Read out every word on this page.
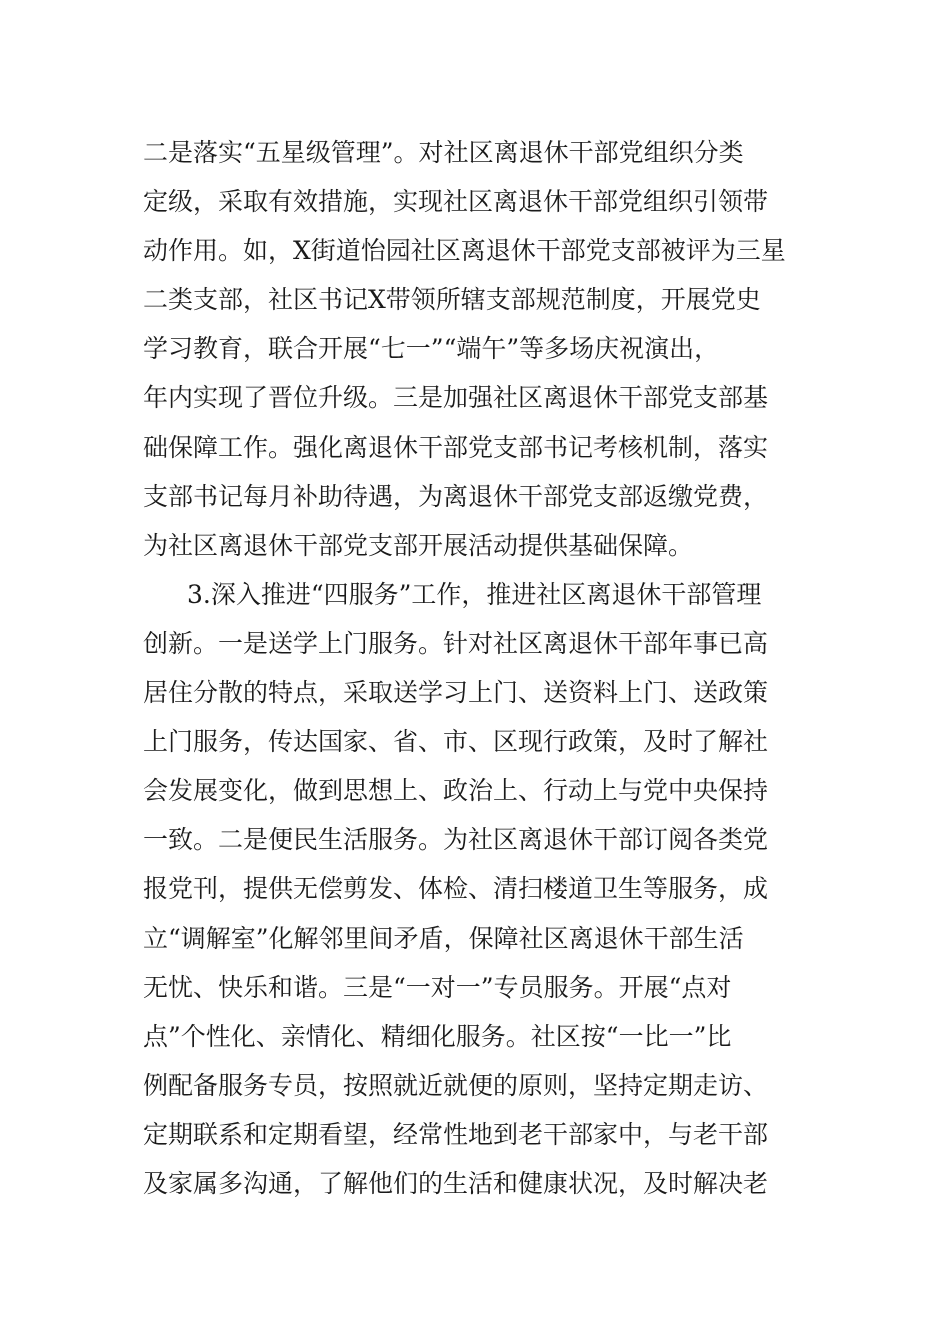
二是落实“五星级管理”。对社区离退休干部党组织分类
定级，采取有效措施，实现社区离退休干部党组织引领带
动作用。如，X街道怡园社区离退休干部党支部被评为三星
二类支部，社区书记X带领所辖支部规范制度，开展党史
学习教育，联合开展“七一”“端午”等多场庆祝演出，
年内实现了晋位升级。三是加强社区离退休干部党支部基
础保障工作。强化离退休干部党支部书记考核机制，落实
支部书记每月补助待遇，为离退休干部党支部返缴党费，
为社区离退休干部党支部开展活动提供基础保障。
3.深入推进“四服务”工作，推进社区离退休干部管理
创新。一是送学上门服务。针对社区离退休干部年事已高
居住分散的特点，采取送学习上门、送资料上门、送政策
上门服务，传达国家、省、市、区现行政策，及时了解社
会发展变化，做到思想上、政治上、行动上与党中央保持
一致。二是便民生活服务。为社区离退休干部订阅各类党
报党刊，提供无偿剪发、体检、清扫楼道卫生等服务，成
立“调解室”化解邻里间矛盾，保障社区离退休干部生活
无忧、快乐和谐。三是“一对一”专员服务。开展“点对
点”个性化、亲情化、精细化服务。社区按“一比一”比
例配备服务专员，按照就近就便的原则，坚持定期走访、
定期联系和定期看望，经常性地到老干部家中，与老干部
及家属多沟通，了解他们的生活和健康状况，及时解决老
